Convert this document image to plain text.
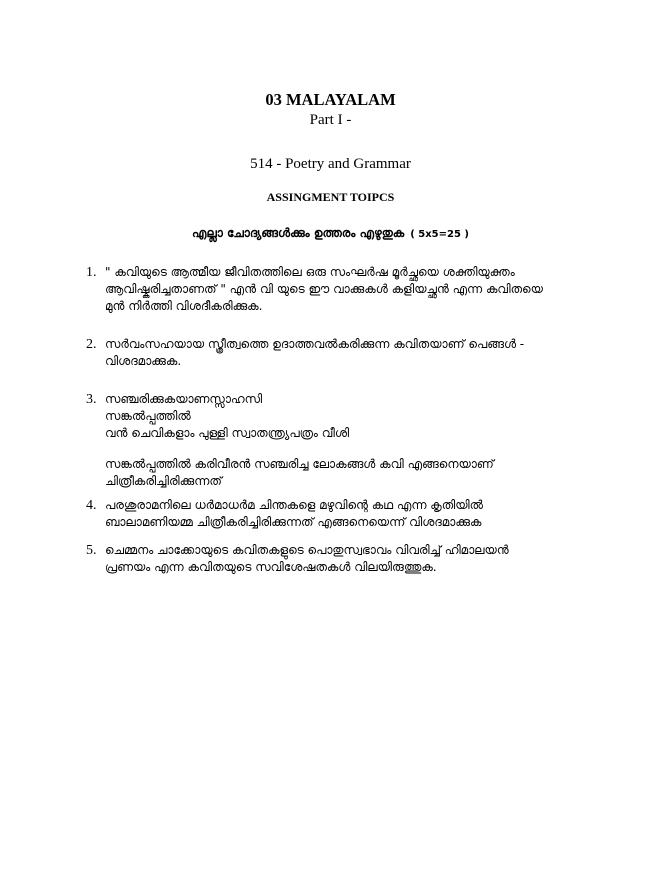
03 MALAYALAM
Part I -
514 - Poetry and Grammar
ASSINGMENT TOIPCS
എല്ലാ ചോദ്യങ്ങൾക്കും ഉത്തരം എഴുതുക ( 5x5=25 )
1. " കവിയുടെ ആത്മീയ ജീവിതത്തിലെ ഒരു സംഘർഷ മൂർച്ഛയെ ശക്തിയുക്തം
ആവിഷ്കരിച്ചതാണത് " എൻ വി യുടെ ഈ വാക്കുകൾ കളിയച്ഛൻ എന്ന കവിതയെ
മുൻ നിർത്തി വിശദീകരിക്കുക.
2. സർവംസഹയായ സ്ത്രീത്വത്തെ ഉദാത്തവൽകരിക്കുന്ന കവിതയാണ് പെങ്ങൾ -
വിശദമാക്കുക.
3. സഞ്ചരിക്കുകയാണസ്സാഹസി
സങ്കൽപ്പത്തിൽ
വൻ ചെവികളാം പുള്ളി സ്വാതന്ത്ര്യപത്രം വീശി
സങ്കൽപ്പത്തിൽ കരിവീരൻ സഞ്ചരിച്ച ലോകങ്ങൾ കവി എങ്ങനെയാണ്
ചിത്രീകരിച്ചിരിക്കുന്നത്
4. പരശുരാമനിലെ ധർമാധർമ ചിന്തകളെ മഴുവിന്റെ കഥ എന്ന കൃതിയിൽ
ബാലാമണിയമ്മ ചിത്രീകരിച്ചിരിക്കുന്നത് എങ്ങനെയെന്ന് വിശദമാക്കുക
5. ചെമ്മനം ചാക്കോയുടെ കവിതകളുടെ പൊതുസ്വഭാവം വിവരിച്ച് ഹിമാലയൻ
പ്രണയം എന്ന കവിതയുടെ സവിശേഷതകൾ വിലയിരുത്തുക.
